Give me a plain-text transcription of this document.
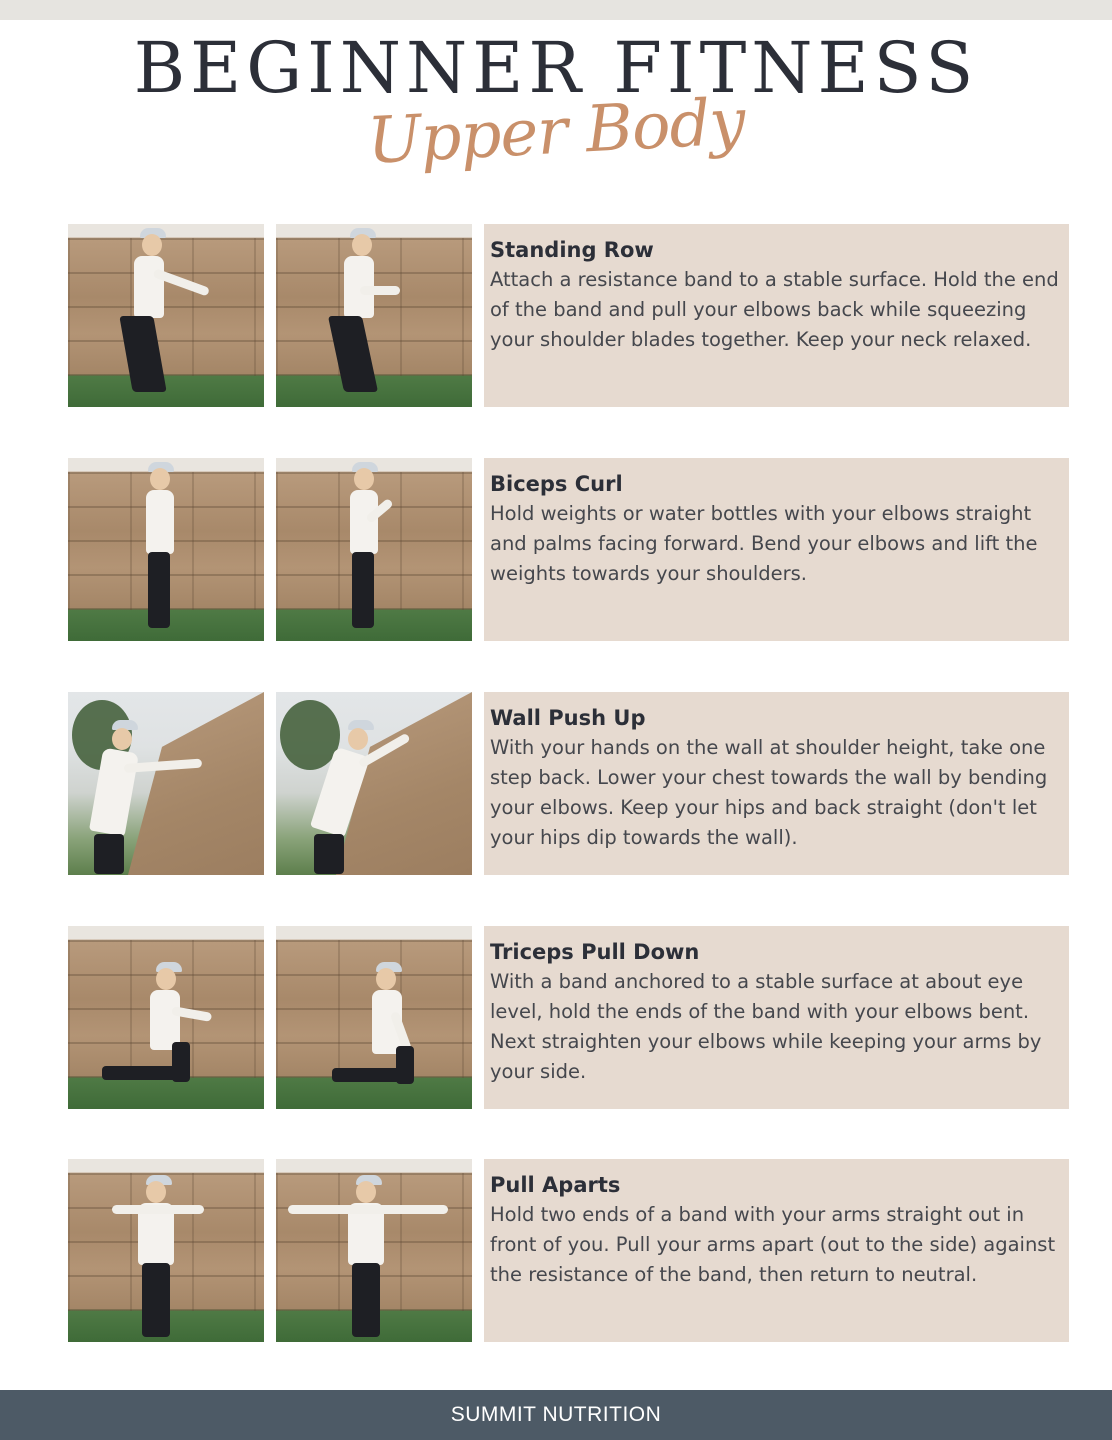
BEGINNER FITNESS
Upper Body
Standing Row

Attach a resistance band to a stable surface. Hold the end of the band and pull your elbows back while squeezing your shoulder blades together. Keep your neck relaxed.

Biceps Curl

Hold weights or water bottles with your elbows straight and palms facing forward. Bend your elbows and lift the weights towards your shoulders.

Wall Push Up

With your hands on the wall at shoulder height, take one step back. Lower your chest towards the wall by bending your elbows. Keep your hips and back straight (don't let your hips dip towards the wall).

Triceps Pull Down

With a band anchored to a stable surface at about eye level, hold the ends of the band with your elbows bent. Next straighten your elbows while keeping your arms by your side.

Pull Aparts

Hold two ends of a band with your arms straight out in front of you. Pull your arms apart (out to the side) against the resistance of the band, then return to neutral.

SUMMIT NUTRITION
